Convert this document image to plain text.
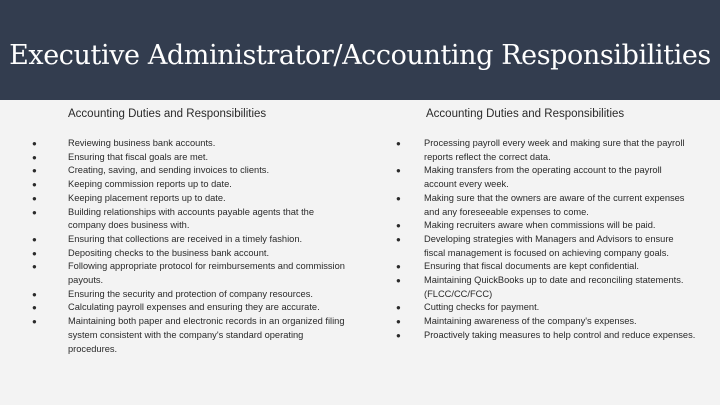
Executive Administrator/Accounting Responsibilities
Accounting Duties and Responsibilities
●	Reviewing business bank accounts.
●	Ensuring that fiscal goals are met.
●	Creating, saving, and sending invoices to clients.
●	Keeping commission reports up to date.
●	Keeping placement reports up to date.
●	Building relationships with accounts payable agents that the company does business with.
●	Ensuring that collections are received in a timely fashion.
●	Depositing checks to the business bank account.
●	Following appropriate protocol for reimbursements and commission payouts.
●	Ensuring the security and protection of company resources.
●	Calculating payroll expenses and ensuring they are accurate.
●	Maintaining both paper and electronic records in an organized filing system consistent with the company's standard operating procedures.
Accounting Duties and Responsibilities
● Processing payroll every week and making sure that the payroll reports reflect the correct data.
● Making transfers from the operating account to the payroll account every week.
● Making sure that the owners are aware of the current expenses and any foreseeable expenses to come.
● Making recruiters aware when commissions will be paid.
● Developing strategies with Managers and Advisors to ensure fiscal management is focused on achieving company goals.
● Ensuring that fiscal documents are kept confidential.
● Maintaining QuickBooks up to date and reconciling statements. (FLCC/CC/FCC)
● Cutting checks for payment.
● Maintaining awareness of the company's expenses.
● Proactively taking measures to help control and reduce expenses.
